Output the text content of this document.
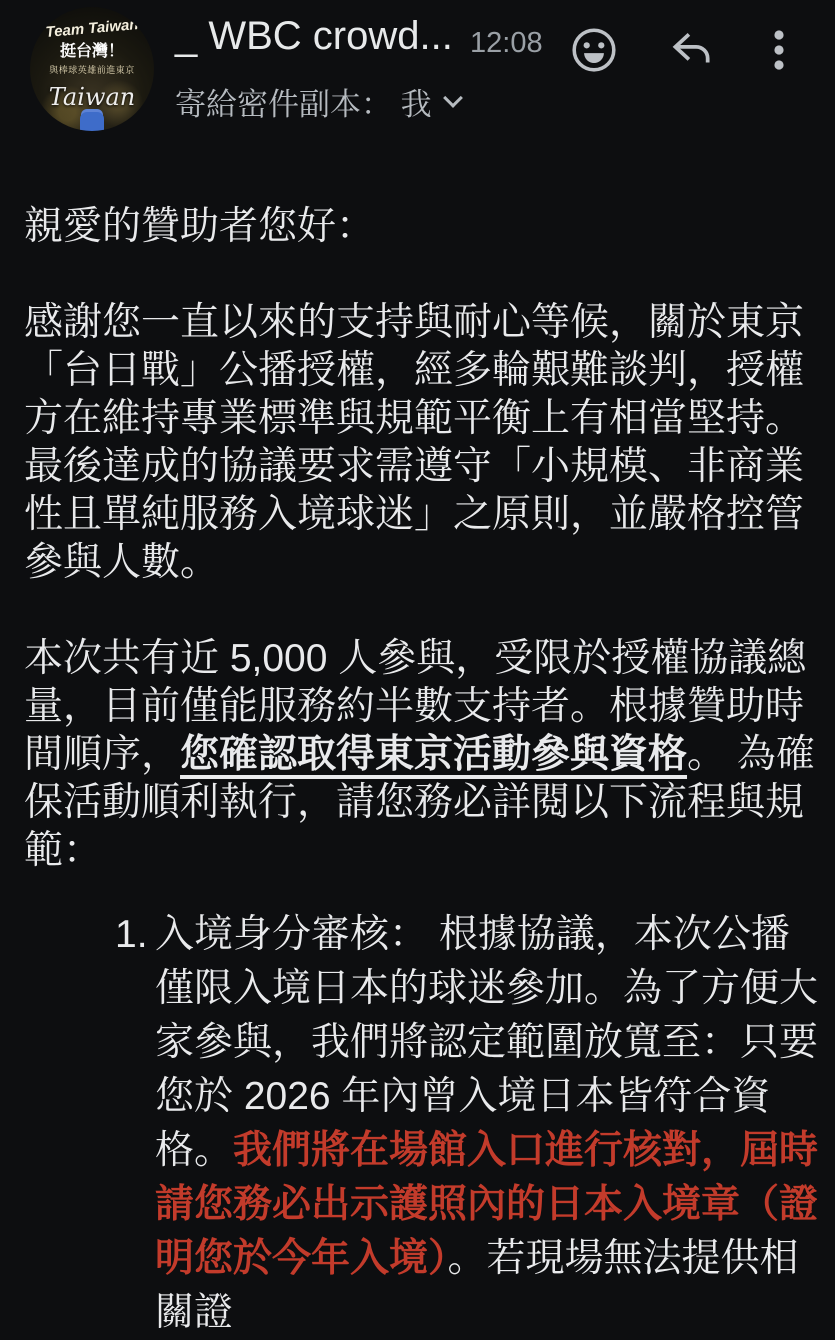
Team Taiwan
挺台灣！
與棒球英雄前進東京
Taiwan
_ WBC crowd... 12:08
寄給密件副本： 我

親愛的贊助者您好：

感謝您一直以來的支持與耐心等候，關於東京「台日戰」公播授權，經多輪艱難談判，授權方在維持專業標準與規範平衡上有相當堅持。最後達成的協議要求需遵守「小規模、非商業性且單純服務入境球迷」之原則，並嚴格控管參與人數。

本次共有近 5,000 人參與，受限於授權協議總量，目前僅能服務約半數支持者。根據贊助時間順序，您確認取得東京活動參與資格。 為確保活動順利執行，請您務必詳閱以下流程與規範：

1. 入境身分審核： 根據協議，本次公播僅限入境日本的球迷參加。為了方便大家參與，我們將認定範圍放寬至：只要您於 2026 年內曾入境日本皆符合資格。我們將在場館入口進行核對，屆時請您務必出示護照內的日本入境章（證明您於今年入境）。若現場無法提供相關證
